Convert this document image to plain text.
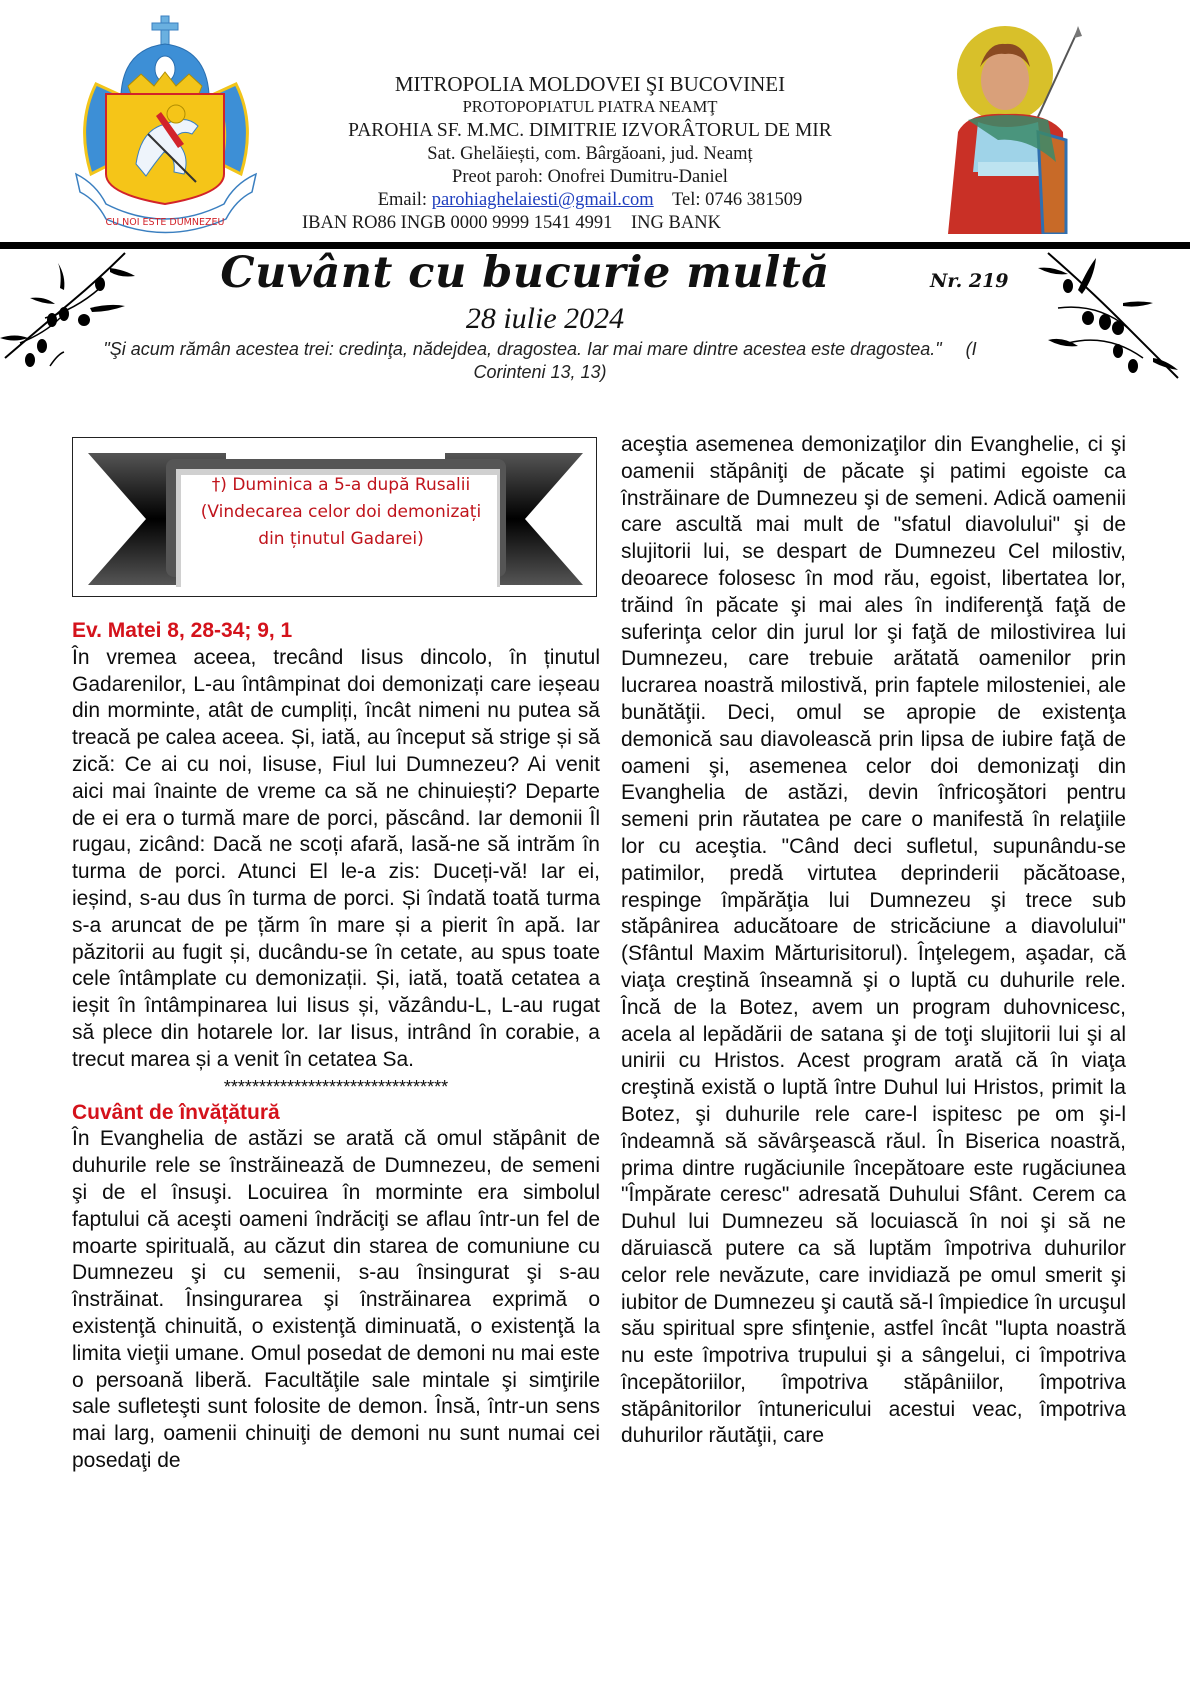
CU NOI ESTE DUMNEZEU
MITROPOLIA MOLDOVEI ŞI BUCOVINEI
PROTOPOPIATUL PIATRA NEAMŢ
PAROHIA SF. M.MC. DIMITRIE IZVORÂTORUL DE MIR
Sat. Ghelăiești, com. Bârgăoani, jud. Neamț
Preot paroh: Onofrei Dumitru-Daniel
Email: parohiaghelaiesti@gmail.com Tel: 0746 381509
IBAN RO86 INGB 0000 9999 1541 4991 ING BANK
Cuvânt cu bucurie multă	Nr. 219
28 iulie 2024
"Şi acum rămân acestea trei: credinţa, nădejdea, dragostea. Iar mai mare dintre acestea este dragostea." (I Corinteni 13, 13)
†) Duminica a 5-a după Rusalii
(Vindecarea celor doi demonizați
din ținutul Gadarei)

Ev. Matei 8, 28-34; 9, 1

În vremea aceea, trecând Iisus dincolo, în ținutul Gadarenilor, L-au întâmpinat doi demonizați care ieșeau din morminte, atât de cumpliți, încât nimeni nu putea să treacă pe calea aceea. Și, iată, au început să strige și să zică: Ce ai cu noi, Iisuse, Fiul lui Dumnezeu? Ai venit aici mai înainte de vreme ca să ne chinuiești? Departe de ei era o turmă mare de porci, păscând. Iar demonii Îl rugau, zicând: Dacă ne scoți afară, lasă-ne să intrăm în turma de porci. Atunci El le-a zis: Duceți-vă! Iar ei, ieșind, s-au dus în turma de porci. Și îndată toată turma s-a aruncat de pe țărm în mare și a pierit în apă. Iar păzitorii au fugit și, ducându-se în cetate, au spus toate cele întâmplate cu demonizații. Și, iată, toată cetatea a ieșit în întâmpinarea lui Iisus și, văzându-L, L-au rugat să plece din hotarele lor. Iar Iisus, intrând în corabie, a trecut marea și a venit în cetatea Sa.

********************************

Cuvânt de învățătură

În Evanghelia de astăzi se arată că omul stăpânit de duhurile rele se înstrăinează de Dumnezeu, de semeni şi de el însuşi. Locuirea în morminte era simbolul faptului că aceşti oameni îndrăciţi se aflau într-un fel de moarte spirituală, au căzut din starea de comuniune cu Dumnezeu şi cu semenii, s-au însingurat şi s-au înstrăinat. Însingurarea şi înstrăinarea exprimă o existenţă chinuită, o existenţă diminuată, o existenţă la limita vieţii umane. Omul posedat de demoni nu mai este o persoană liberă. Facultăţile sale mintale şi simţirile sale sufleteşti sunt folosite de demon. Însă, într-un sens mai larg, oamenii chinuiţi de demoni nu sunt numai cei posedaţi de

aceştia asemenea demonizaţilor din Evanghelie, ci şi oamenii stăpâniţi de păcate şi patimi egoiste ca înstrăinare de Dumnezeu şi de semeni. Adică oamenii care ascultă mai mult de "sfatul diavolului" şi de slujitorii lui, se despart de Dumnezeu Cel milostiv, deoarece folosesc în mod rău, egoist, libertatea lor, trăind în păcate şi mai ales în indiferenţă faţă de suferinţa celor din jurul lor şi faţă de milostivirea lui Dumnezeu, care trebuie arătată oamenilor prin lucrarea noastră milostivă, prin faptele milosteniei, ale bunătăţii. Deci, omul se apropie de existenţa demonică sau diavolească prin lipsa de iubire faţă de oameni şi, asemenea celor doi demonizaţi din Evanghelia de astăzi, devin înfricoşători pentru semeni prin răutatea pe care o manifestă în relaţiile lor cu aceştia. "Când deci sufletul, supunându-se patimilor, predă virtutea deprinderii păcătoase, respinge împărăţia lui Dumnezeu şi trece sub stăpânirea aducătoare de stricăciune a diavolului" (Sfântul Maxim Mărturisitorul). Înţelegem, aşadar, că viaţa creştină înseamnă şi o luptă cu duhurile rele. Încă de la Botez, avem un program duhovnicesc, acela al lepădării de satana şi de toţi slujitorii lui şi al unirii cu Hristos. Acest program arată că în viaţa creştină există o luptă între Duhul lui Hristos, primit la Botez, şi duhurile rele care-l ispitesc pe om şi-l îndeamnă să săvârşească răul. În Biserica noastră, prima dintre rugăciunile începătoare este rugăciunea "Împărate ceresc" adresată Duhului Sfânt. Cerem ca Duhul lui Dumnezeu să locuiască în noi şi să ne dăruiască putere ca să luptăm împotriva duhurilor celor rele nevăzute, care invidiază pe omul smerit şi iubitor de Dumnezeu şi caută să-l împiedice în urcuşul său spiritual spre sfinţenie, astfel încât "lupta noastră nu este împotriva trupului şi a sângelui, ci împotriva începătoriilor, împotriva stăpâniilor, împotriva stăpânitorilor întunericului acestui veac, împotriva duhurilor răutăţii, care
